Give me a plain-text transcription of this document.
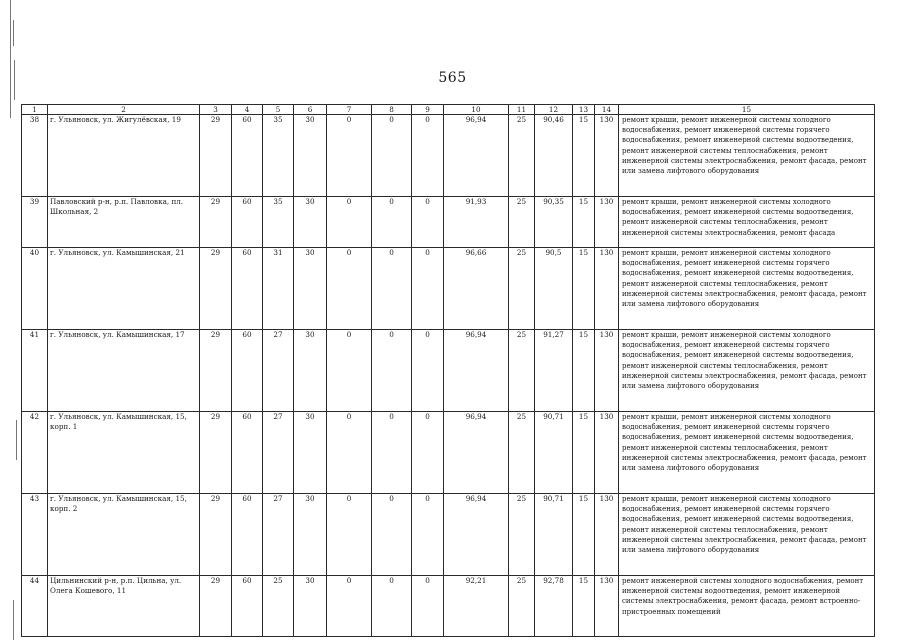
565
1	2	3	4	5	6	7	8	9	10	11	12	13	14	15
38	г. Ульяновск, ул. Жигулёвская, 19	29	60	35	30	0	0	0	96,94	25	90,46	15	130	ремонт крыши, ремонт инженерной системы холодного водоснабжения, ремонт инженерной системы горячего водоснабжения, ремонт инженерной системы водоотведения, ремонт инженерной системы теплоснабжения, ремонт инженерной системы электроснабжения, ремонт фасада, ремонт или замена лифтового оборудования
39	Павловский р-н, р.п. Павловка, пл. Школьная, 2	29	60	35	30	0	0	0	91,93	25	90,35	15	130	ремонт крыши, ремонт инженерной системы холодного водоснабжения, ремонт инженерной системы водоотведения, ремонт инженерной системы теплоснабжения, ремонт инженерной системы электроснабжения, ремонт фасада
40	г. Ульяновск, ул. Камышинская, 21	29	60	31	30	0	0	0	96,66	25	90,5	15	130	ремонт крыши, ремонт инженерной системы холодного водоснабжения, ремонт инженерной системы горячего водоснабжения, ремонт инженерной системы водоотведения, ремонт инженерной системы теплоснабжения, ремонт инженерной системы электроснабжения, ремонт фасада, ремонт или замена лифтового оборудования
41	г. Ульяновск, ул. Камышинская, 17	29	60	27	30	0	0	0	96,94	25	91,27	15	130	ремонт крыши, ремонт инженерной системы холодного водоснабжения, ремонт инженерной системы горячего водоснабжения, ремонт инженерной системы водоотведения, ремонт инженерной системы теплоснабжения, ремонт инженерной системы электроснабжения, ремонт фасада, ремонт или замена лифтового оборудования
42	г. Ульяновск, ул. Камышинская, 15, корп. 1	29	60	27	30	0	0	0	96,94	25	90,71	15	130	ремонт крыши, ремонт инженерной системы холодного водоснабжения, ремонт инженерной системы горячего водоснабжения, ремонт инженерной системы водоотведения, ремонт инженерной системы теплоснабжения, ремонт инженерной системы электроснабжения, ремонт фасада, ремонт или замена лифтового оборудования
43	г. Ульяновск, ул. Камышинская, 15, корп. 2	29	60	27	30	0	0	0	96,94	25	90,71	15	130	ремонт крыши, ремонт инженерной системы холодного водоснабжения, ремонт инженерной системы горячего водоснабжения, ремонт инженерной системы водоотведения, ремонт инженерной системы теплоснабжения, ремонт инженерной системы электроснабжения, ремонт фасада, ремонт или замена лифтового оборудования
44	Цильнинский р-н, р.п. Цильна, ул. Олега Кошевого, 11	29	60	25	30	0	0	0	92,21	25	92,78	15	130	ремонт инженерной системы холодного водоснабжения, ремонт инженерной системы водоотведения, ремонт инженерной системы электроснабжения, ремонт фасада, ремонт встроенно-пристроенных помещений
